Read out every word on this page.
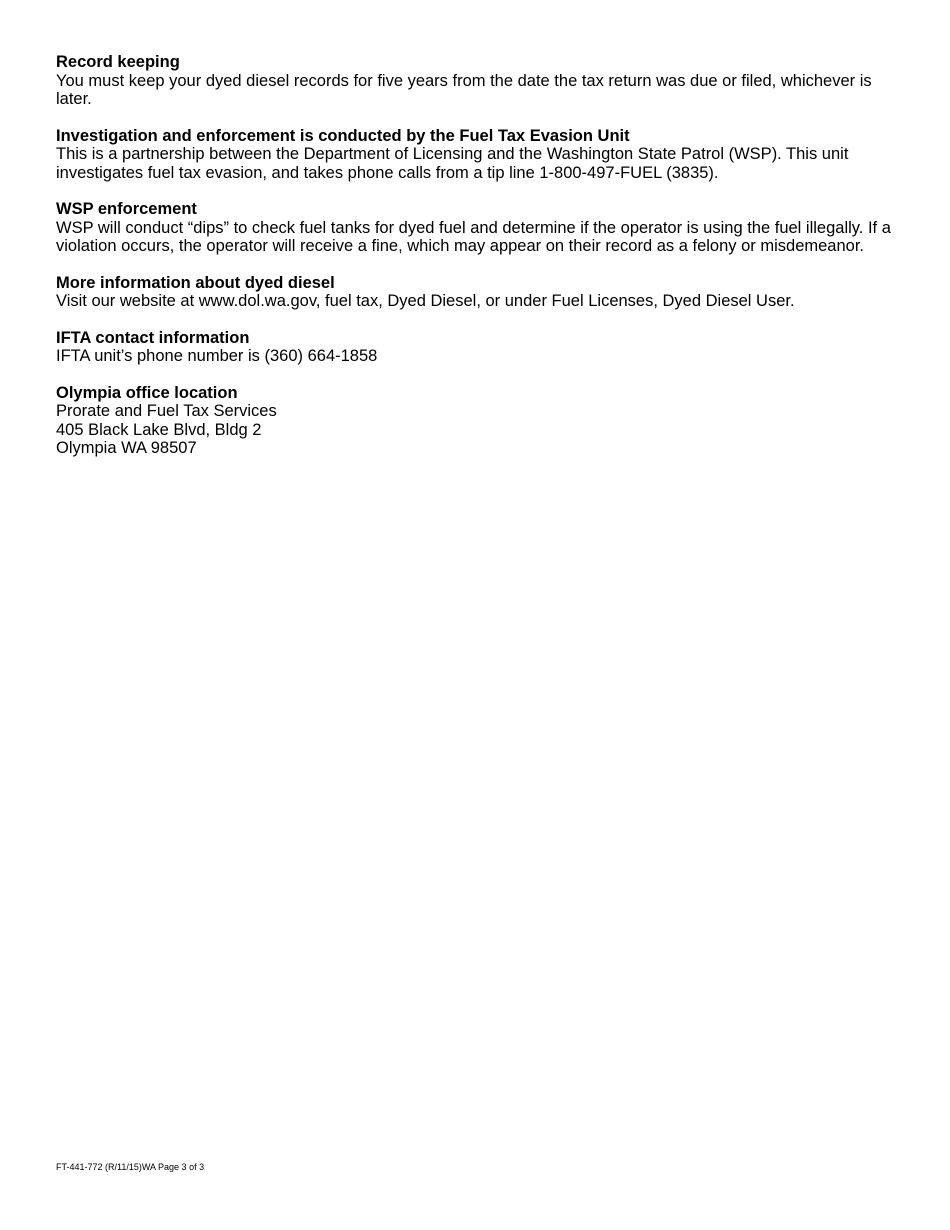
Record keeping

You must keep your dyed diesel records for five years from the date the tax return was due or filed, whichever is later.

Investigation and enforcement is conducted by the Fuel Tax Evasion Unit

This is a partnership between the Department of Licensing and the Washington State Patrol (WSP). This unit investigates fuel tax evasion, and takes phone calls from a tip line 1-800-497-FUEL (3835).

WSP enforcement

WSP will conduct “dips” to check fuel tanks for dyed fuel and determine if the operator is using the fuel illegally. If a violation occurs, the operator will receive a fine, which may appear on their record as a felony or misdemeanor.

More information about dyed diesel

Visit our website at www.dol.wa.gov, fuel tax, Dyed Diesel, or under Fuel Licenses, Dyed Diesel User.

IFTA contact information

IFTA unit’s phone number is (360) 664-1858

Olympia office location

Prorate and Fuel Tax Services

405 Black Lake Blvd, Bldg 2

Olympia WA 98507

FT-441-772 (R/11/15)WA Page 3 of 3
